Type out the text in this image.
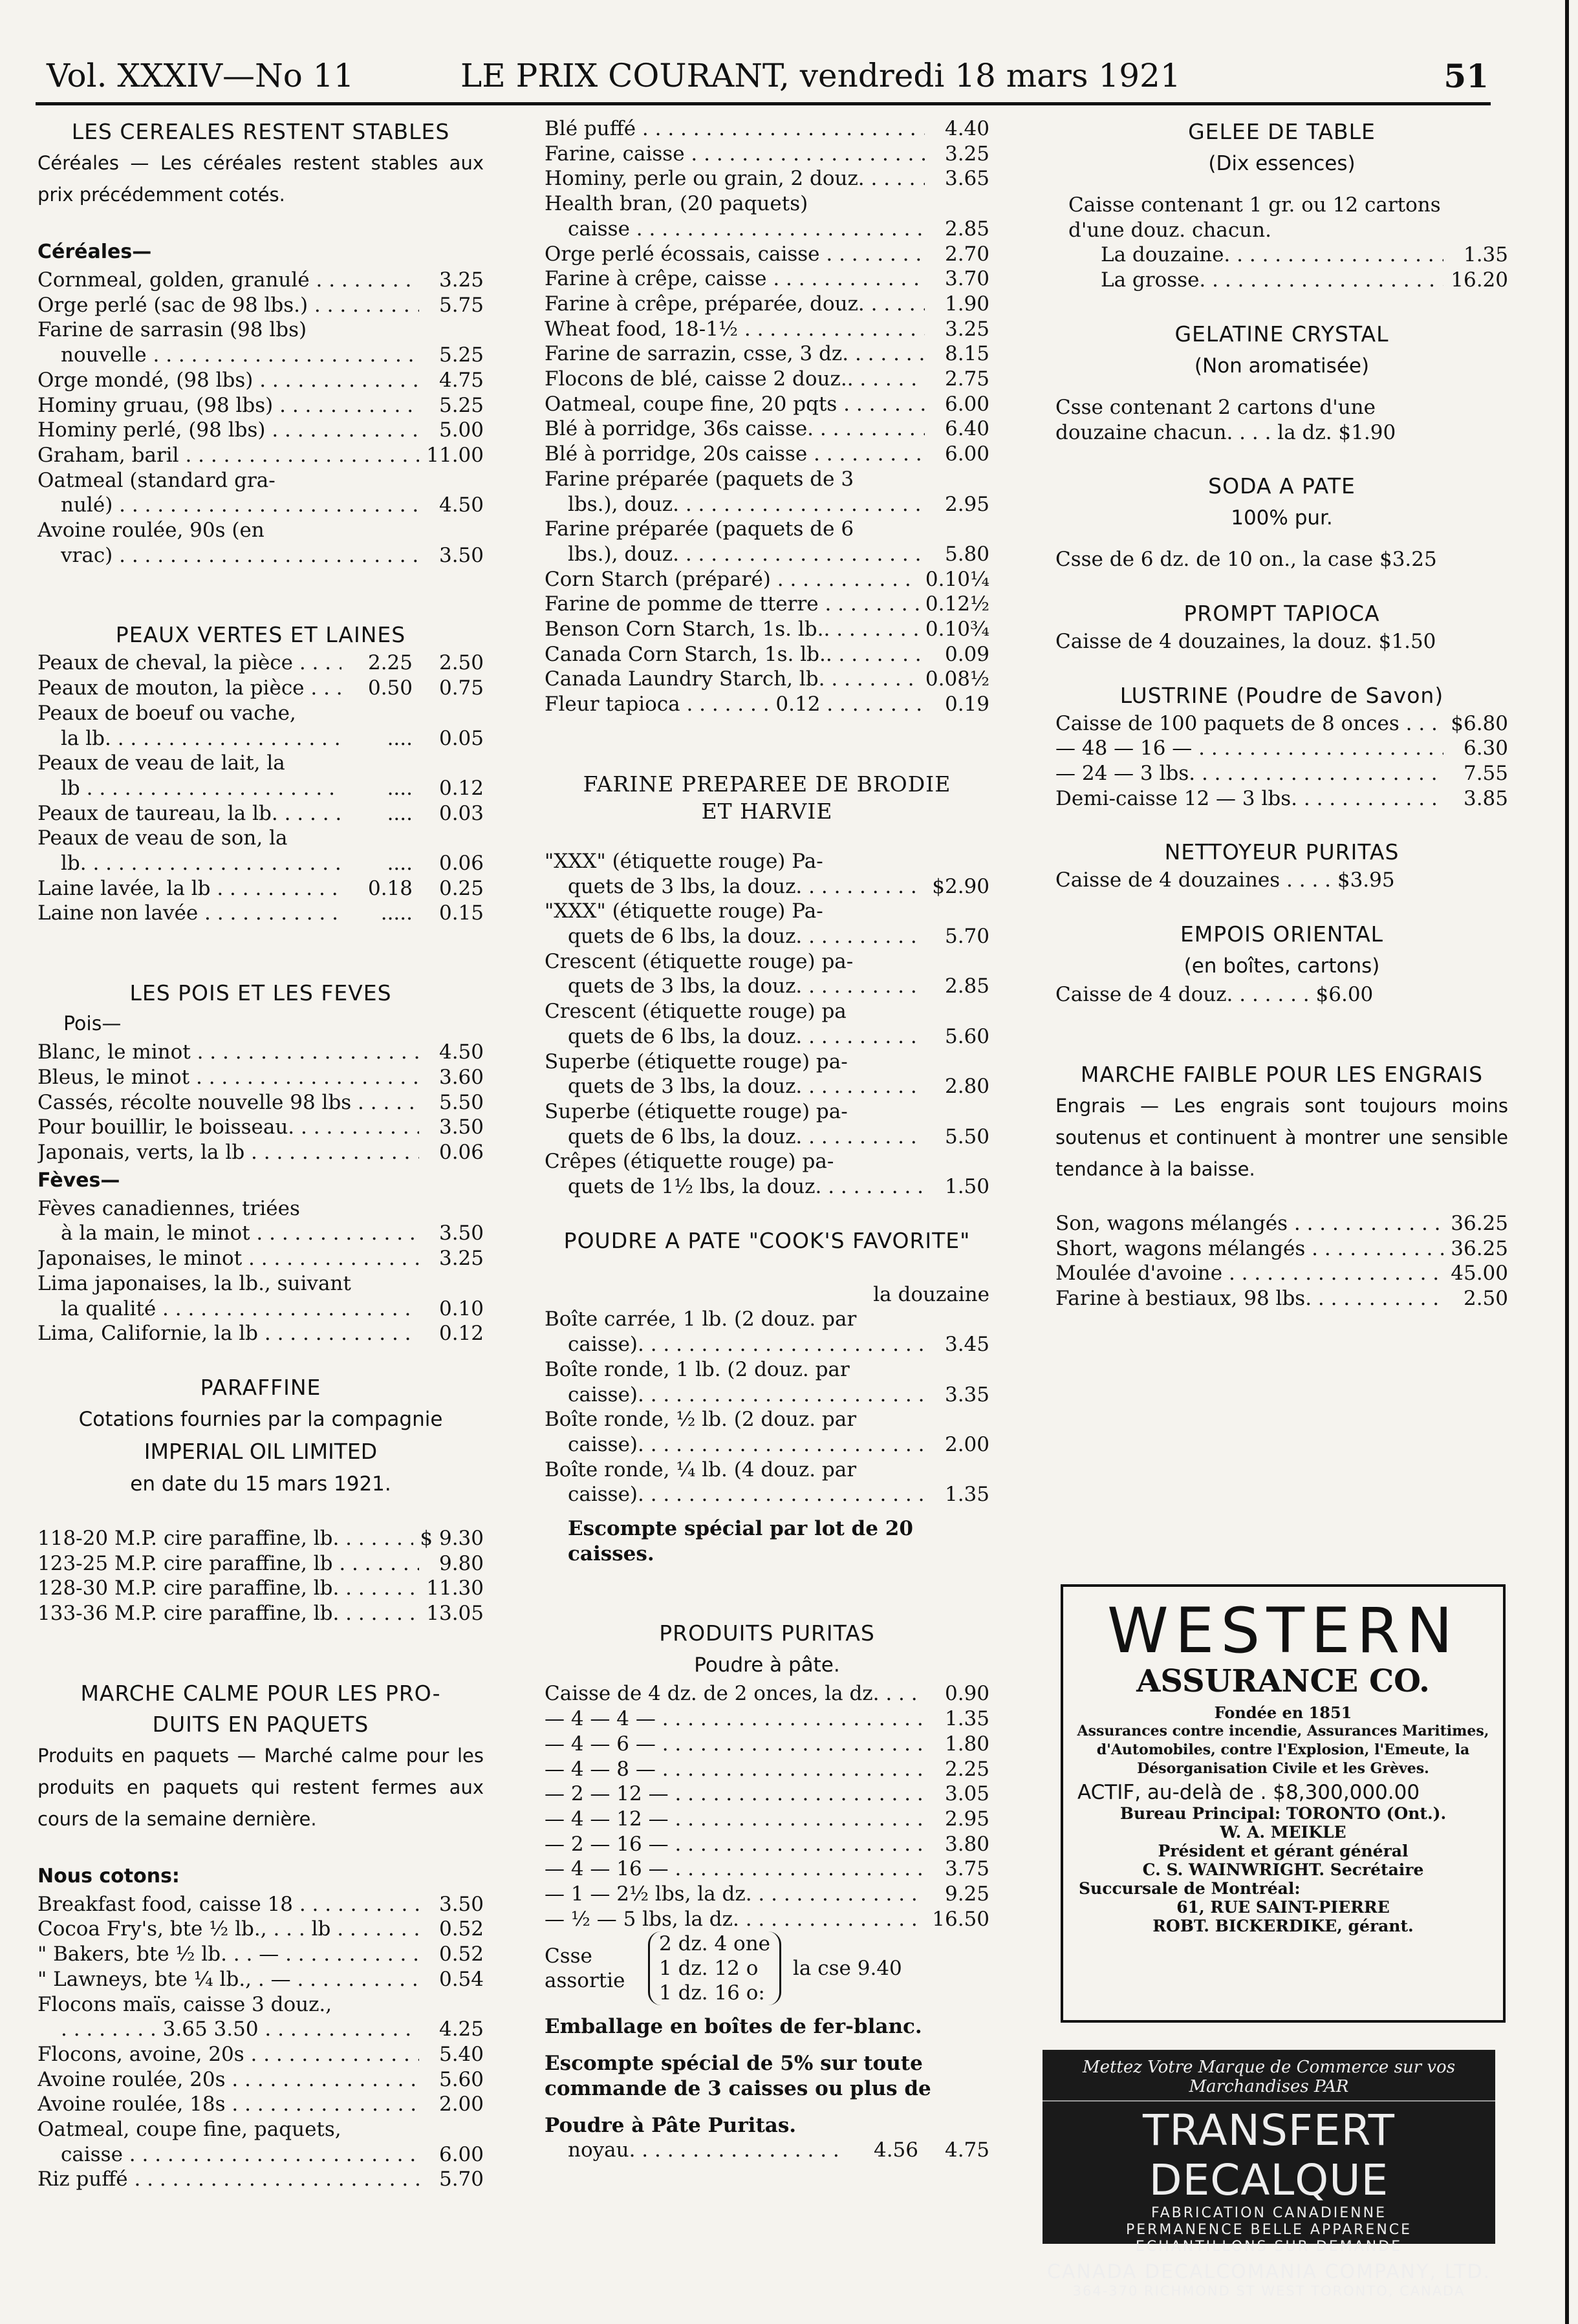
Vol. XXXIV—No 11	LE PRIX COURANT, vendredi 18 mars 1921	51
LES CEREALES RESTENT STABLES
Céréales — Les céréales restent stables aux prix précédemment cotés.
Céréales—
Cornmeal, golden, granulé . . .	3.25
Orge perlé (sac de 98 lbs.) . . .	5.75
Farine de sarrasin (98 lbs)
nouvelle . . .	5.25
Orge mondé, (98 lbs) . . .	4.75
Hominy gruau, (98 lbs) . . .	5.25
Hominy perlé, (98 lbs) . . .	5.00
Graham, baril . . .	11.00
Oatmeal (standard gra-
nulé) . . .	4.50
Avoine roulée, 90s (en
vrac) . . .	3.50
PEAUX VERTES ET LAINES
Peaux de cheval, la pièce . . .	2.25	2.50
Peaux de mouton, la pièce . . .	0.50	0.75
Peaux de boeuf ou vache,
la lb. . . .	....	0.05
Peaux de veau de lait, la
lb . . .	....	0.12
Peaux de taureau, la lb. . . .	....	0.03
Peaux de veau de son, la
lb. . . .	....	0.06
Laine lavée, la lb . . .	0.18	0.25
Laine non lavée . . .	.....	0.15
LES POIS ET LES FEVES
Pois—
Blanc, le minot . . .	4.50
Bleus, le minot . . .	3.60
Cassés, récolte nouvelle 98 lbs . . .	5.50
Pour bouillir, le boisseau. . . .	3.50
Japonais, verts, la lb . . .	0.06
Fèves—
Fèves canadiennes, triées
à la main, le minot . . .	3.50
Japonaises, le minot . . .	3.25
Lima japonaises, la lb., suivant
la qualité . . .	0.10
Lima, Californie, la lb . . .	0.12
PARAFFINE
Cotations fournies par la compagnie
IMPERIAL OIL LIMITED
en date du 15 mars 1921.
118-20 M.P. cire paraffine, lb. . . .	$ 9.30
123-25 M.P. cire paraffine, lb . . .	9.80
128-30 M.P. cire paraffine, lb. . . .	11.30
133-36 M.P. cire paraffine, lb. . . .	13.05
MARCHE CALME POUR LES PRO-
DUITS EN PAQUETS
Produits en paquets — Marché calme pour les produits en paquets qui restent fermes aux cours de la semaine dernière.
Nous cotons:
Breakfast food, caisse 18 . . .	3.50
Cocoa Fry's, bte ½ lb., . . . lb . . .	0.52
" Bakers, bte ½ lb. . . — . . .	0.52
" Lawneys, bte ¼ lb., . — . . .	0.54
Flocons maïs, caisse 3 douz.,
. . . . . . . . 3.65 3.50 . . .	4.25
Flocons, avoine, 20s . . .	5.40
Avoine roulée, 20s . . .	5.60
Avoine roulée, 18s . . .	2.00
Oatmeal, coupe fine, paquets,
caisse . . .	6.00
Riz puffé . . .	5.70
Blé puffé . . .	4.40
Farine, caisse . . .	3.25
Hominy, perle ou grain, 2 douz. . . .	3.65
Health bran, (20 paquets)
caisse . . .	2.85
Orge perlé écossais, caisse . . .	2.70
Farine à crêpe, caisse . . .	3.70
Farine à crêpe, préparée, douz. . . .	1.90
Wheat food, 18-1½ . . .	3.25
Farine de sarrazin, csse, 3 dz. . . .	8.15
Flocons de blé, caisse 2 douz.. . . .	2.75
Oatmeal, coupe fine, 20 pqts . . .	6.00
Blé à porridge, 36s caisse. . . .	6.40
Blé à porridge, 20s caisse . . .	6.00
Farine préparée (paquets de 3
lbs.), douz. . . .	2.95
Farine préparée (paquets de 6
lbs.), douz. . . .	5.80
Corn Starch (préparé) . . .	0.10¼
Farine de pomme de tterre . . .	0.12½
Benson Corn Starch, 1s. lb.. . . .	0.10¾
Canada Corn Starch, 1s. lb.. . . .	0.09
Canada Laundry Starch, lb. . . .	0.08½
Fleur tapioca . . . . . . . 0.12 . . .	0.19
FARINE PREPAREE DE BRODIE
ET HARVIE
"XXX" (étiquette rouge) Pa-
quets de 3 lbs, la douz. . . .	$2.90
"XXX" (étiquette rouge) Pa-
quets de 6 lbs, la douz. . . .	5.70
Crescent (étiquette rouge) pa-
quets de 3 lbs, la douz. . . .	2.85
Crescent (étiquette rouge) pa
quets de 6 lbs, la douz. . . .	5.60
Superbe (étiquette rouge) pa-
quets de 3 lbs, la douz. . . .	2.80
Superbe (étiquette rouge) pa-
quets de 6 lbs, la douz. . . .	5.50
Crêpes (étiquette rouge) pa-
quets de 1½ lbs, la douz. . . .	1.50
POUDRE A PATE "COOK'S FAVORITE"
la douzaine
Boîte carrée, 1 lb. (2 douz. par
caisse). . . .	3.45
Boîte ronde, 1 lb. (2 douz. par
caisse). . . .	3.35
Boîte ronde, ½ lb. (2 douz. par
caisse). . . .	2.00
Boîte ronde, ¼ lb. (4 douz. par
caisse). . . .	1.35
Escompte spécial par lot de 20 caisses.
PRODUITS PURITAS
Poudre à pâte.
Caisse de 4 dz. de 2 onces, la dz. . . .	0.90
— 4 — 4 — . . .	1.35
— 4 — 6 — . . .	1.80
— 4 — 8 — . . .	2.25
— 2 — 12 — . . .	3.05
— 4 — 12 — . . .	2.95
— 2 — 16 — . . .	3.80
— 4 — 16 — . . .	3.75
— 1 — 2½ lbs, la dz. . . .	9.25
— ½ — 5 lbs, la dz. . . .	16.50
Csse assortie
2 dz. 4 one
1 dz. 12 o
1 dz. 16 o:
la cse 9.40
Emballage en boîtes de fer-blanc.
Escompte spécial de 5% sur toute commande de 3 caisses ou plus de
Poudre à Pâte Puritas.
noyau. . . .	4.56	4.75
GELEE DE TABLE
(Dix essences)
Caisse contenant 1 gr. ou 12 cartons d'une douz. chacun.
La douzaine. . . .	1.35
La grosse. . . .	16.20
GELATINE CRYSTAL
(Non aromatisée)
Csse contenant 2 cartons d'une
douzaine chacun. . . . la dz. $1.90
SODA A PATE
100% pur.
Csse de 6 dz. de 10 on., la case $3.25
PROMPT TAPIOCA
Caisse de 4 douzaines, la douz. $1.50
LUSTRINE (Poudre de Savon)
Caisse de 100 paquets de 8 onces . . .	$6.80
— 48 — 16 — . . .	6.30
— 24 — 3 lbs. . . .	7.55
Demi-caisse 12 — 3 lbs. . . .	3.85
NETTOYEUR PURITAS
Caisse de 4 douzaines . . . . $3.95
EMPOIS ORIENTAL
(en boîtes, cartons)
Caisse de 4 douz. . . . . . . $6.00
MARCHE FAIBLE POUR LES ENGRAIS
Engrais — Les engrais sont toujours moins soutenus et continuent à montrer une sensible tendance à la baisse.
Son, wagons mélangés . . .	36.25
Short, wagons mélangés . . .	36.25
Moulée d'avoine . . .	45.00
Farine à bestiaux, 98 lbs. . . .	2.50
WESTERN
ASSURANCE CO.
Fondée en 1851
Assurances contre incendie, Assurances Maritimes, d'Automobiles, contre l'Explosion, l'Emeute, la Désorganisation Civile et les Grèves.
ACTIF, au-delà de . $8,300,000.00
Bureau Principal: TORONTO (Ont.).
W. A. MEIKLE
Président et gérant général
C. S. WAINWRIGHT. Secrétaire
Succursale de Montréal:
61, RUE SAINT-PIERRE
ROBT. BICKERDIKE, gérant.
Mettez Votre Marque de Commerce sur vos Marchandises PAR
TRANSFERT DECALQUE
FABRICATION CANADIENNE
PERMANENCE BELLE APPARENCE
ECHANTILLONS SUR DEMANDE
CANADA DECALCOMANIA COMPANY, LTD.
364-370 RICHMOND ST WEST TORONTO, CANADA
